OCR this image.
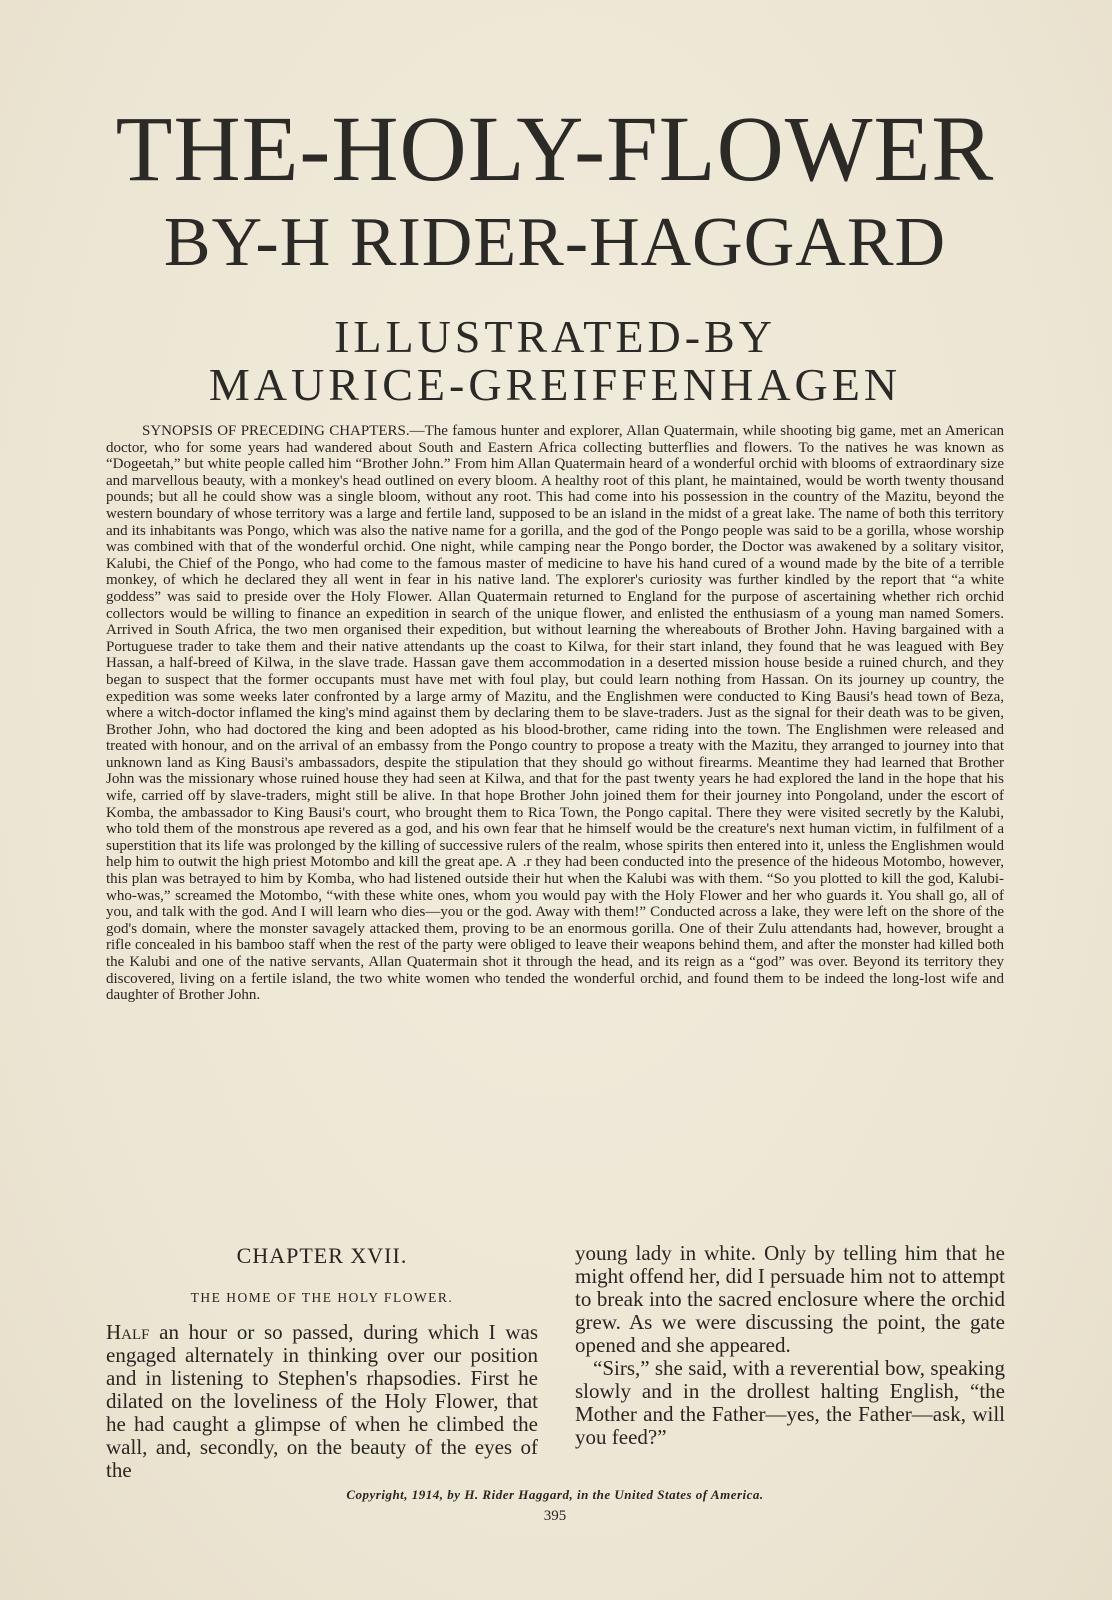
THE-HOLY-FLOWER
BY-H RIDER-HAGGARD
ILLUSTRATED-BY
MAURICE-GREIFFENHAGEN

SYNOPSIS OF PRECEDING CHAPTERS.—The famous hunter and explorer, Allan Quatermain, while shooting big game, met an American doctor, who for some years had wandered about South and Eastern Africa collecting butterflies and flowers. To the natives he was known as “Dogeetah,” but white people called him “Brother John.” From him Allan Quatermain heard of a wonderful orchid with blooms of extraordinary size and marvellous beauty, with a monkey's head outlined on every bloom. A healthy root of this plant, he maintained, would be worth twenty thousand pounds; but all he could show was a single bloom, without any root. This had come into his possession in the country of the Mazitu, beyond the western boundary of whose territory was a large and fertile land, supposed to be an island in the midst of a great lake. The name of both this territory and its inhabitants was Pongo, which was also the native name for a gorilla, and the god of the Pongo people was said to be a gorilla, whose worship was combined with that of the wonderful orchid. One night, while camping near the Pongo border, the Doctor was awakened by a solitary visitor, Kalubi, the Chief of the Pongo, who had come to the famous master of medicine to have his hand cured of a wound made by the bite of a terrible monkey, of which he declared they all went in fear in his native land. The explorer's curiosity was further kindled by the report that “a white goddess” was said to preside over the Holy Flower. Allan Quatermain returned to England for the purpose of ascertaining whether rich orchid collectors would be willing to finance an expedition in search of the unique flower, and enlisted the enthusiasm of a young man named Somers. Arrived in South Africa, the two men organised their expedition, but without learning the whereabouts of Brother John. Having bargained with a Portuguese trader to take them and their native attendants up the coast to Kilwa, for their start inland, they found that he was leagued with Bey Hassan, a half-breed of Kilwa, in the slave trade. Hassan gave them accommodation in a deserted mission house beside a ruined church, and they began to suspect that the former occupants must have met with foul play, but could learn nothing from Hassan. On its journey up country, the expedition was some weeks later confronted by a large army of Mazitu, and the Englishmen were conducted to King Bausi's head town of Beza, where a witch-doctor inflamed the king's mind against them by declaring them to be slave-traders. Just as the signal for their death was to be given, Brother John, who had doctored the king and been adopted as his blood-brother, came riding into the town. The Englishmen were released and treated with honour, and on the arrival of an embassy from the Pongo country to propose a treaty with the Mazitu, they arranged to journey into that unknown land as King Bausi's ambassadors, despite the stipulation that they should go without firearms. Meantime they had learned that Brother John was the missionary whose ruined house they had seen at Kilwa, and that for the past twenty years he had explored the land in the hope that his wife, carried off by slave-traders, might still be alive. In that hope Brother John joined them for their journey into Pongoland, under the escort of Komba, the ambassador to King Bausi's court, who brought them to Rica Town, the Pongo capital. There they were visited secretly by the Kalubi, who told them of the monstrous ape revered as a god, and his own fear that he himself would be the creature's next human victim, in fulfilment of a superstition that its life was prolonged by the killing of successive rulers of the realm, whose spirits then entered into it, unless the Englishmen would help him to outwit the high priest Motombo and kill the great ape. A  .r they had been conducted into the presence of the hideous Motombo, however, this plan was betrayed to him by Komba, who had listened outside their hut when the Kalubi was with them. “So you plotted to kill the god, Kalubi-who-was,” screamed the Motombo, “with these white ones, whom you would pay with the Holy Flower and her who guards it. You shall go, all of you, and talk with the god. And I will learn who dies—you or the god. Away with them!” Conducted across a lake, they were left on the shore of the god's domain, where the monster savagely attacked them, proving to be an enormous gorilla. One of their Zulu attendants had, however, brought a rifle concealed in his bamboo staff when the rest of the party were obliged to leave their weapons behind them, and after the monster had killed both the Kalubi and one of the native servants, Allan Quatermain shot it through the head, and its reign as a “god” was over. Beyond its territory they discovered, living on a fertile island, the two white women who tended the wonderful orchid, and found them to be indeed the long-lost wife and daughter of Brother John.

CHAPTER XVII.

THE HOME OF THE HOLY FLOWER.

Half an hour or so passed, during which I was engaged alternately in thinking over our position and in listening to Stephen's rhapsodies. First he dilated on the loveliness of the Holy Flower, that he had caught a glimpse of when he climbed the wall, and, secondly, on the beauty of the eyes of the

young lady in white. Only by telling him that he might offend her, did I persuade him not to attempt to break into the sacred enclosure where the orchid grew. As we were discussing the point, the gate opened and she appeared.

“Sirs,” she said, with a reverential bow, speaking slowly and in the drollest halting English, “the Mother and the Father—yes, the Father—ask, will you feed?”

Copyright, 1914, by H. Rider Haggard, in the United States of America.
395
